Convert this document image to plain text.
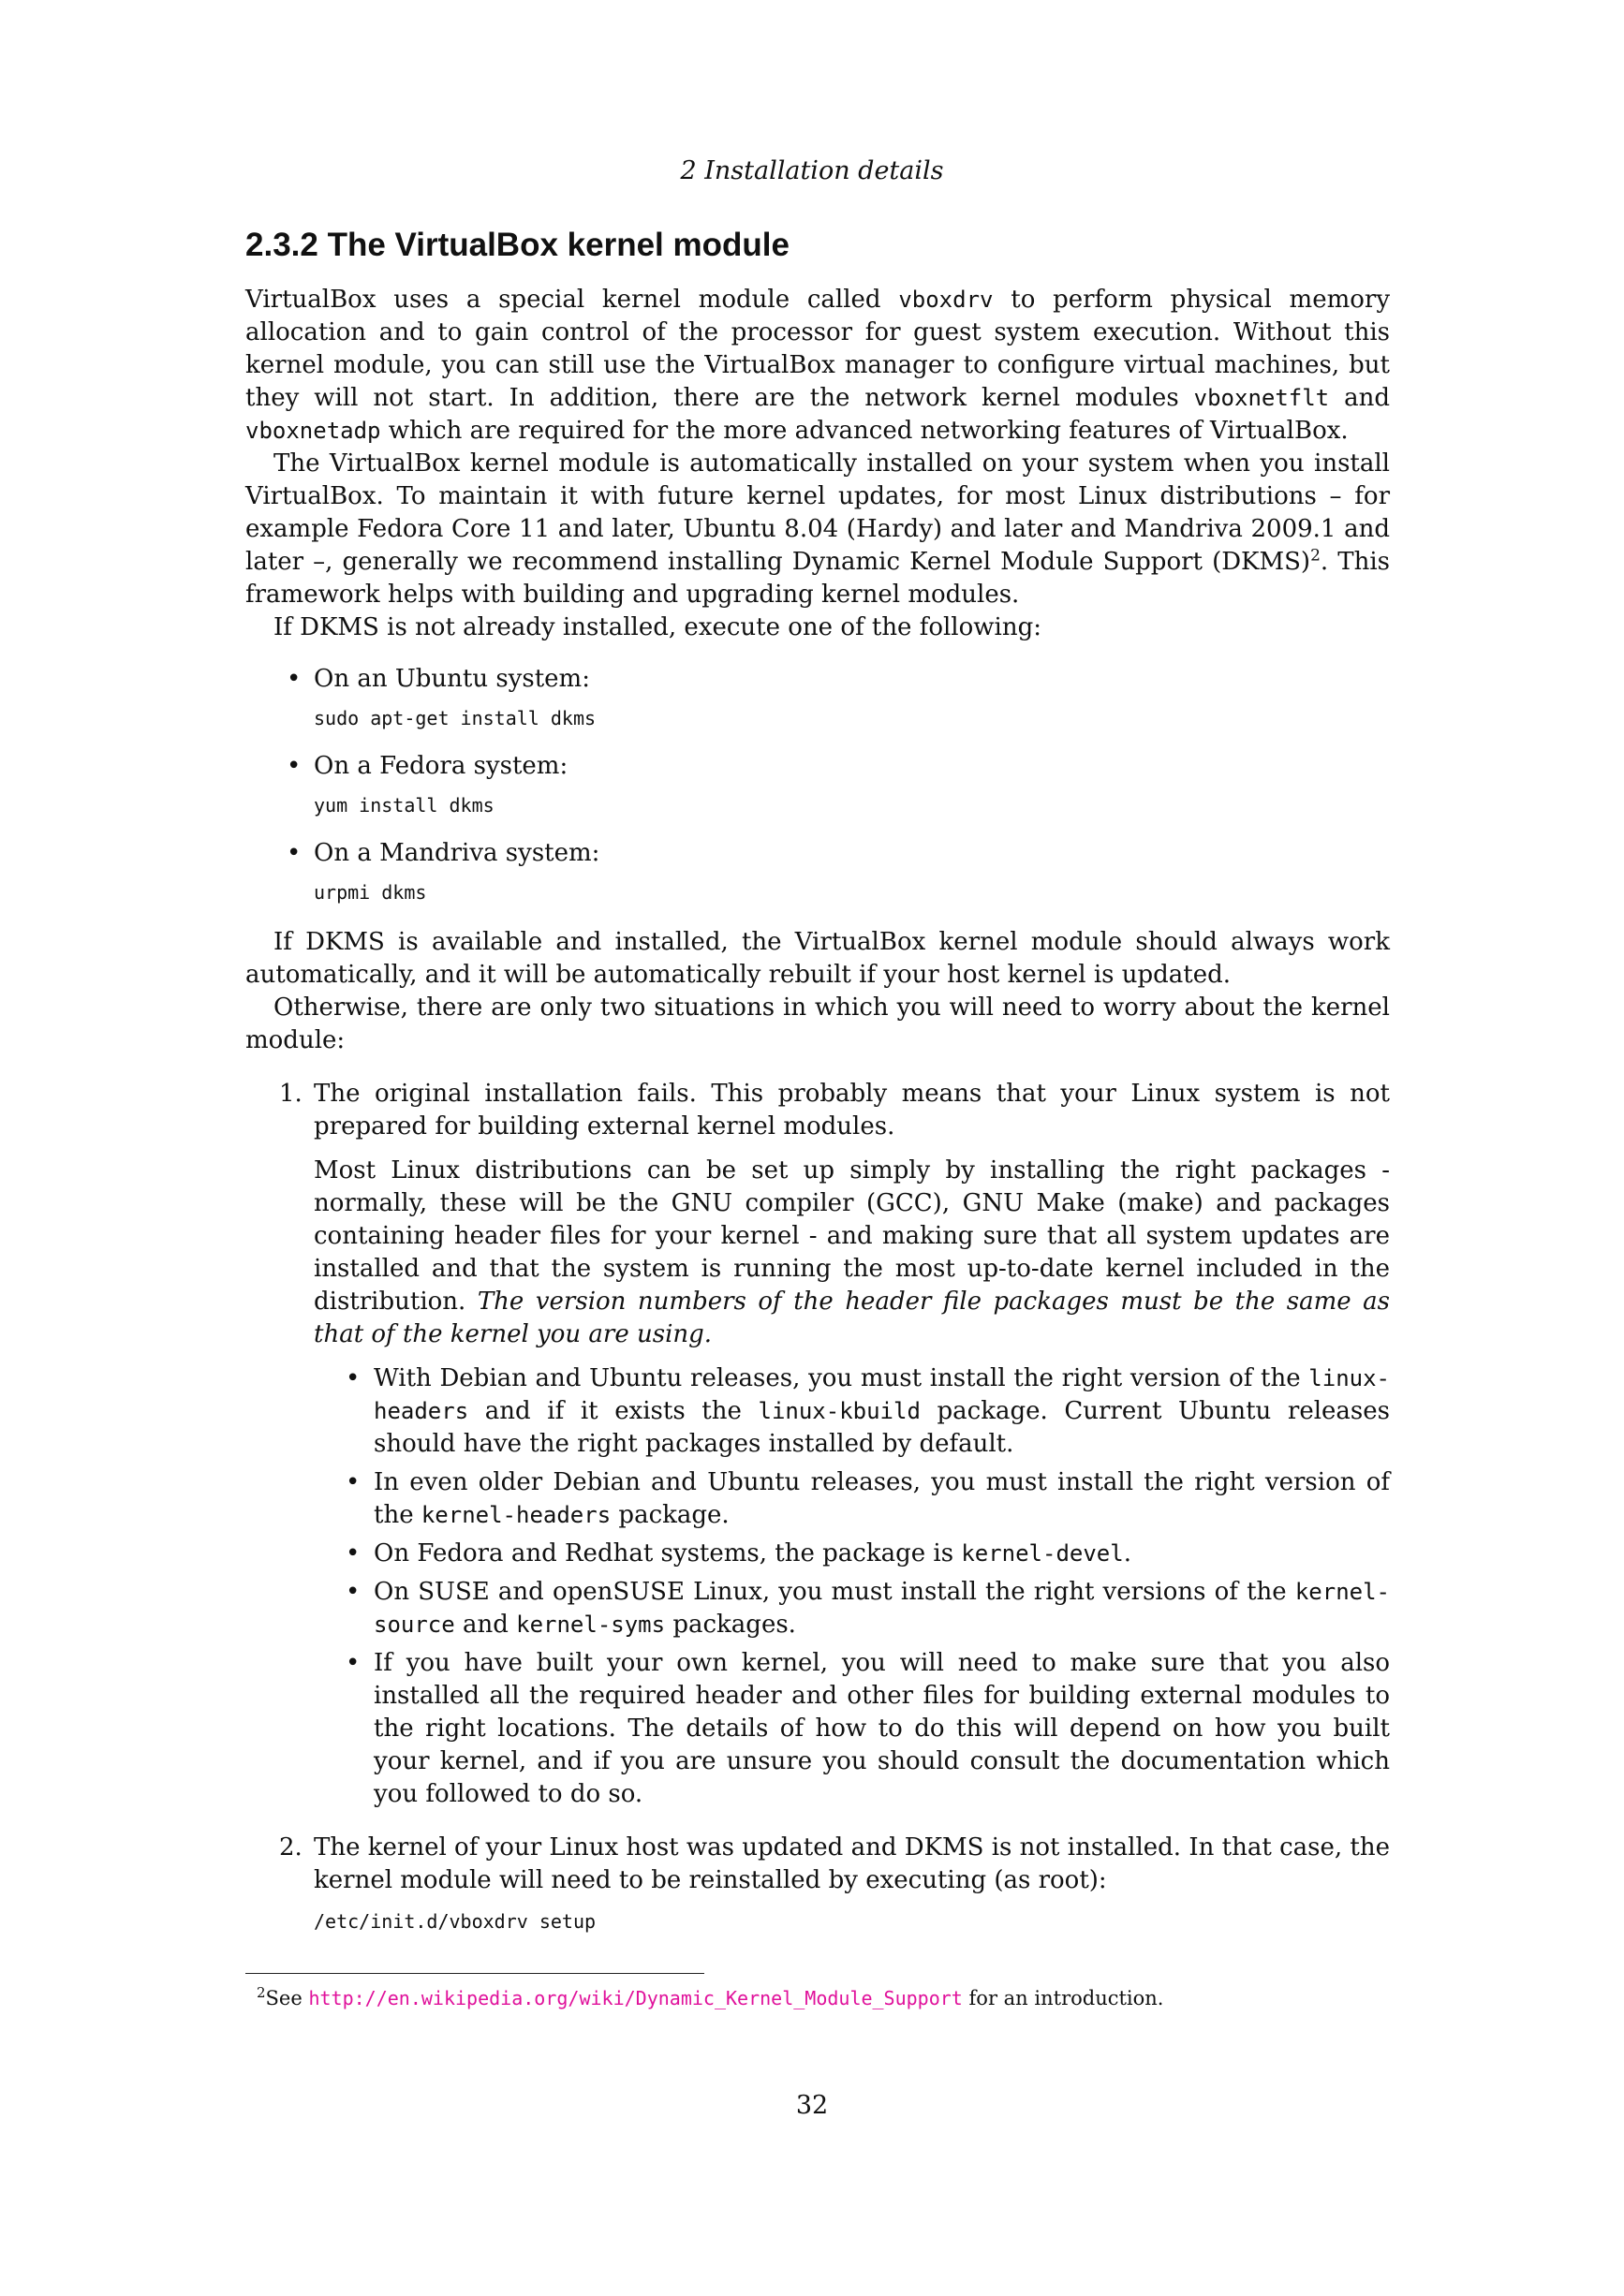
2 Installation details
2.3.2 The VirtualBox kernel module

VirtualBox uses a special kernel module called vboxdrv to perform physical memory allocation and to gain control of the processor for guest system execution. Without this kernel module, you can still use the VirtualBox manager to configure virtual machines, but they will not start. In addition, there are the network kernel modules vboxnetflt and vboxnetadp which are required for the more advanced networking features of VirtualBox.

The VirtualBox kernel module is automatically installed on your system when you install VirtualBox. To maintain it with future kernel updates, for most Linux distributions – for example Fedora Core 11 and later, Ubuntu 8.04 (Hardy) and later and Mandriva 2009.1 and later –, generally we recommend installing Dynamic Kernel Module Support (DKMS)$^2$. This framework helps with building and upgrading kernel modules.

If DKMS is not already installed, execute one of the following:

• On an Ubuntu system:
sudo apt-get install dkms
• On a Fedora system:
yum install dkms
• On a Mandriva system:
urpmi dkms

If DKMS is available and installed, the VirtualBox kernel module should always work automatically, and it will be automatically rebuilt if your host kernel is updated.

Otherwise, there are only two situations in which you will need to worry about the kernel module:

1. The original installation fails. This probably means that your Linux system is not prepared for building external kernel modules.

Most Linux distributions can be set up simply by installing the right packages - normally, these will be the GNU compiler (GCC), GNU Make (make) and packages containing header files for your kernel - and making sure that all system updates are installed and that the system is running the most up-to-date kernel included in the distribution. The version numbers of the header file packages must be the same as that of the kernel you are using.

• With Debian and Ubuntu releases, you must install the right version of the linux-headers and if it exists the linux-kbuild package. Current Ubuntu releases should have the right packages installed by default.
• In even older Debian and Ubuntu releases, you must install the right version of the kernel-headers package.
• On Fedora and Redhat systems, the package is kernel-devel.
• On SUSE and openSUSE Linux, you must install the right versions of the kernel-source and kernel-syms packages.
• If you have built your own kernel, you will need to make sure that you also installed all the required header and other files for building external modules to the right locations. The details of how to do this will depend on how you built your kernel, and if you are unsure you should consult the documentation which you followed to do so.
2. The kernel of your Linux host was updated and DKMS is not installed. In that case, the kernel module will need to be reinstalled by executing (as root):

/etc/init.d/vboxdrv setup
$^2$See http://en.wikipedia.org/wiki/Dynamic_Kernel_Module_Support for an introduction.
32
